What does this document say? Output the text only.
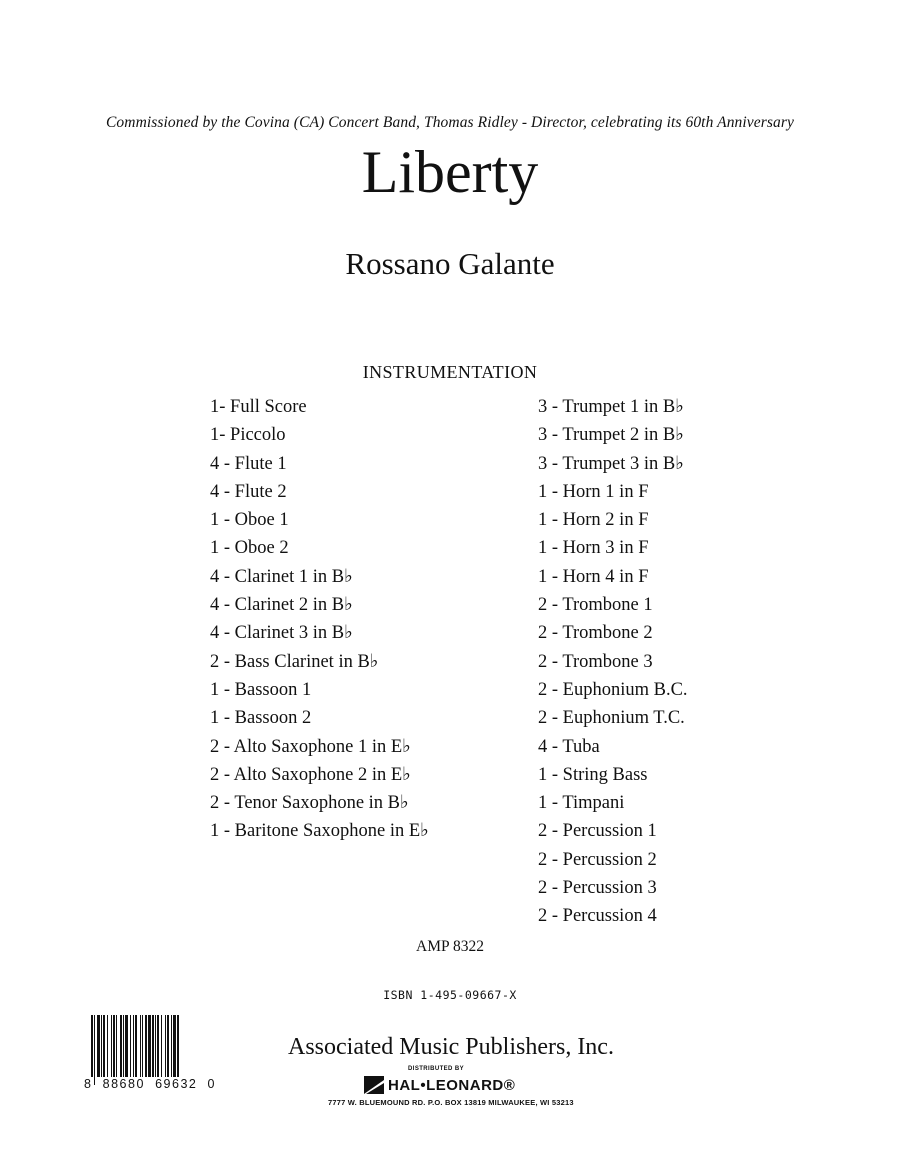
Commissioned by the Covina (CA) Concert Band, Thomas Ridley - Director, celebrating its 60th Anniversary
Liberty
Rossano Galante
INSTRUMENTATION
1- Full Score
1- Piccolo
4 - Flute 1
4 - Flute 2
1 - Oboe 1
1 - Oboe 2
4 - Clarinet 1 in B♭
4 - Clarinet 2 in B♭
4 - Clarinet 3 in B♭
2 - Bass Clarinet in B♭
1 - Bassoon 1
1 - Bassoon 2
2 - Alto Saxophone 1 in E♭
2 - Alto Saxophone 2 in E♭
2 - Tenor Saxophone in B♭
1 - Baritone Saxophone in E♭
3 - Trumpet 1 in B♭
3 - Trumpet 2 in B♭
3 - Trumpet 3 in B♭
1 - Horn 1 in F
1 - Horn 2 in F
1 - Horn 3 in F
1 - Horn 4 in F
2 - Trombone 1
2 - Trombone 2
2 - Trombone 3
2 - Euphonium B.C.
2 - Euphonium T.C.
4 - Tuba
1 - String Bass
1 - Timpani
2 - Percussion 1
2 - Percussion 2
2 - Percussion 3
2 - Percussion 4
AMP 8322
ISBN 1-495-09667-X
8 88680 69632 0
Associated Music Publishers, Inc.
DISTRIBUTED BY
HAL•LEONARD®
7777 W. BLUEMOUND RD. P.O. BOX 13819 MILWAUKEE, WI 53213
